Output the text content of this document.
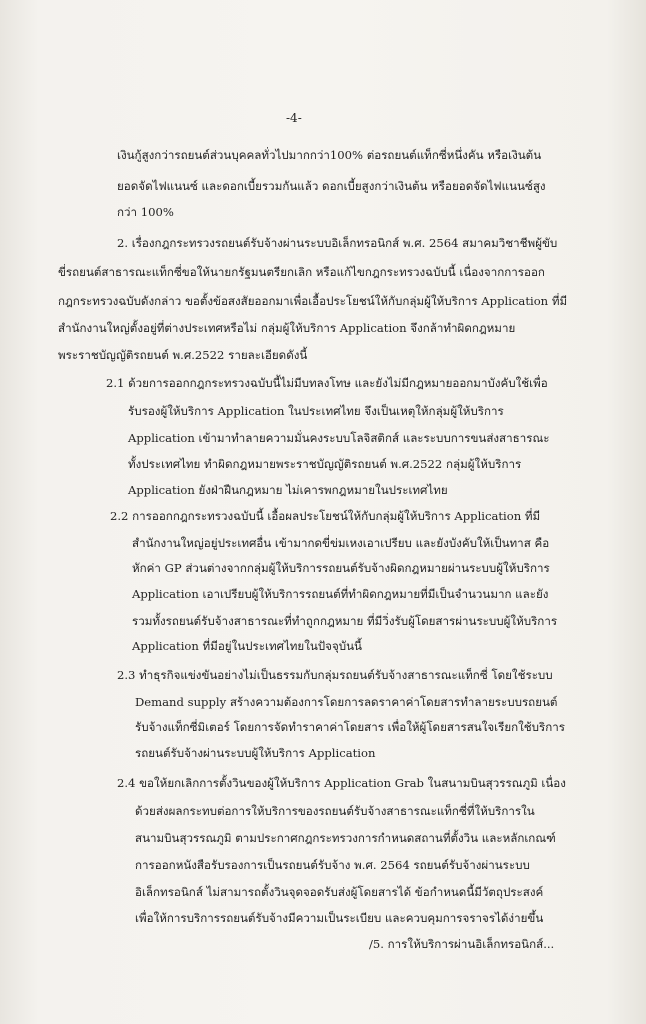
-4-
เงินกู้สูงกว่ารถยนต์ส่วนบุคคลทั่วไปมากกว่า100% ต่อรถยนต์แท็กซี่หนึ่งคัน หรือเงินต้น
ยอดจัดไฟแนนซ์ และดอกเบี้ยรวมกันแล้ว ดอกเบี้ยสูงกว่าเงินต้น หรือยอดจัดไฟแนนซ์สูง
กว่า 100%
2. เรื่องกฎกระทรวงรถยนต์รับจ้างผ่านระบบอิเล็กทรอนิกส์ พ.ศ. 2564 สมาคมวิชาชีพผู้ขับ
ขี่รถยนต์สาธารณะแท็กซี่ขอให้นายกรัฐมนตรียกเลิก หรือแก้ไขกฎกระทรวงฉบับนี้ เนื่องจากการออก
กฎกระทรวงฉบับดังกล่าว ขอตั้งข้อสงสัยออกมาเพื่อเอื้อประโยชน์ให้กับกลุ่มผู้ให้บริการ Application ที่มี
สำนักงานใหญ่ตั้งอยู่ที่ต่างประเทศหรือไม่ กลุ่มผู้ให้บริการ Application จึงกล้าทำผิดกฎหมาย
พระราชบัญญัติรถยนต์ พ.ศ.2522 รายละเอียดดังนี้
2.1 ด้วยการออกกฎกระทรวงฉบับนี้ไม่มีบทลงโทษ และยังไม่มีกฎหมายออกมาบังคับใช้เพื่อ
รับรองผู้ให้บริการ Application ในประเทศไทย จึงเป็นเหตุให้กลุ่มผู้ให้บริการ
Application เข้ามาทำลายความมั่นคงระบบโลจิสติกส์ และระบบการขนส่งสาธารณะ
ทั้งประเทศไทย ทำผิดกฎหมายพระราชบัญญัติรถยนต์ พ.ศ.2522 กลุ่มผู้ให้บริการ
Application ยังฝ่าฝืนกฎหมาย ไม่เคารพกฎหมายในประเทศไทย
2.2 การออกกฎกระทรวงฉบับนี้ เอื้อผลประโยชน์ให้กับกลุ่มผู้ให้บริการ Application ที่มี
สำนักงานใหญ่อยู่ประเทศอื่น เข้ามากดขี่ข่มเหงเอาเปรียบ และยังบังคับให้เป็นทาส คือ
หักค่า GP ส่วนต่างจากกลุ่มผู้ให้บริการรถยนต์รับจ้างผิดกฎหมายผ่านระบบผู้ให้บริการ
Application เอาเปรียบผู้ให้บริการรถยนต์ที่ทำผิดกฎหมายที่มีเป็นจำนวนมาก และยัง
รวมทั้งรถยนต์รับจ้างสาธารณะที่ทำถูกกฎหมาย ที่มีวิ่งรับผู้โดยสารผ่านระบบผู้ให้บริการ
Application ที่มีอยู่ในประเทศไทยในปัจจุบันนี้
2.3 ทำธุรกิจแข่งขันอย่างไม่เป็นธรรมกับกลุ่มรถยนต์รับจ้างสาธารณะแท็กซี่ โดยใช้ระบบ
Demand supply สร้างความต้องการโดยการลดราคาค่าโดยสารทำลายระบบรถยนต์
รับจ้างแท็กซี่มิเตอร์ โดยการจัดทำราคาค่าโดยสาร เพื่อให้ผู้โดยสารสนใจเรียกใช้บริการ
รถยนต์รับจ้างผ่านระบบผู้ให้บริการ Application
2.4 ขอให้ยกเลิกการตั้งวินของผู้ให้บริการ Application Grab ในสนามบินสุวรรณภูมิ เนื่อง
ด้วยส่งผลกระทบต่อการให้บริการของรถยนต์รับจ้างสาธารณะแท็กซี่ที่ให้บริการใน
สนามบินสุวรรณภูมิ ตามประกาศกฎกระทรวงการกำหนดสถานที่ตั้งวิน และหลักเกณฑ์
การออกหนังสือรับรองการเป็นรถยนต์รับจ้าง พ.ศ. 2564 รถยนต์รับจ้างผ่านระบบ
อิเล็กทรอนิกส์ ไม่สามารถตั้งวินจุดจอดรับส่งผู้โดยสารได้ ข้อกำหนดนี้มีวัตถุประสงค์
เพื่อให้การบริการรถยนต์รับจ้างมีความเป็นระเบียบ และควบคุมการจราจรได้ง่ายขึ้น
/5. การให้บริการผ่านอิเล็กทรอนิกส์...
